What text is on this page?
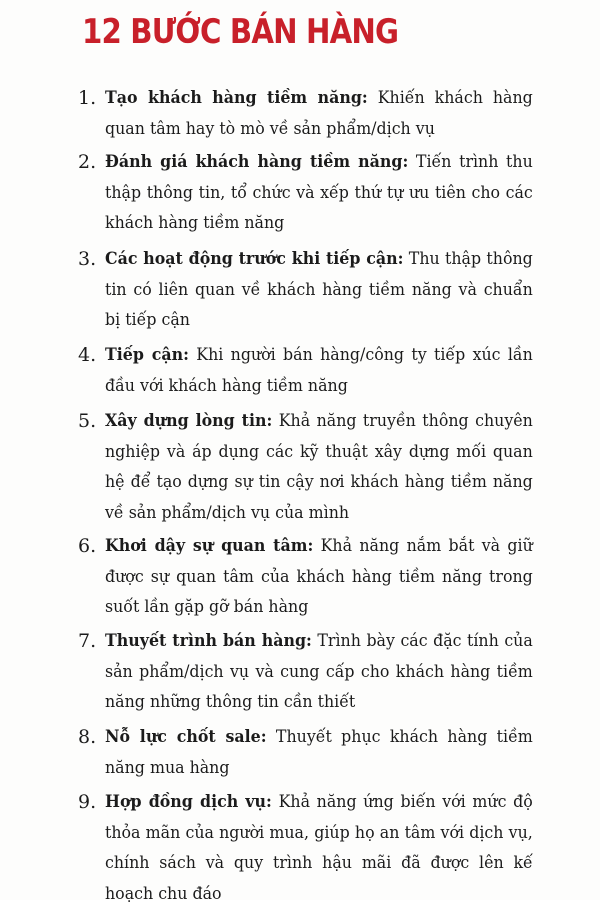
12 BƯỚC BÁN HÀNG
1. Tạo khách hàng tiềm năng: Khiến khách hàng quan tâm hay tò mò về sản phẩm/dịch vụ

2. Đánh giá khách hàng tiềm năng: Tiến trình thu thập thông tin, tổ chức và xếp thứ tự ưu tiên cho các khách hàng tiềm năng

3. Các hoạt động trước khi tiếp cận: Thu thập thông tin có liên quan về khách hàng tiềm năng và chuẩn bị tiếp cận

4. Tiếp cận: Khi người bán hàng/công ty tiếp xúc lần đầu với khách hàng tiềm năng

5. Xây dựng lòng tin: Khả năng truyền thông chuyên nghiệp và áp dụng các kỹ thuật xây dựng mối quan hệ để tạo dựng sự tin cậy nơi khách hàng tiềm năng về sản phẩm/dịch vụ của mình

6. Khơi dậy sự quan tâm: Khả năng nắm bắt và giữ được sự quan tâm của khách hàng tiềm năng trong suốt lần gặp gỡ bán hàng

7. Thuyết trình bán hàng: Trình bày các đặc tính của sản phẩm/dịch vụ và cung cấp cho khách hàng tiềm năng những thông tin cần thiết

8. Nỗ lực chốt sale: Thuyết phục khách hàng tiềm năng mua hàng

9. Hợp đồng dịch vụ: Khả năng ứng biến với mức độ thỏa mãn của người mua, giúp họ an tâm với dịch vụ, chính sách và quy trình hậu mãi đã được lên kế hoạch chu đáo
